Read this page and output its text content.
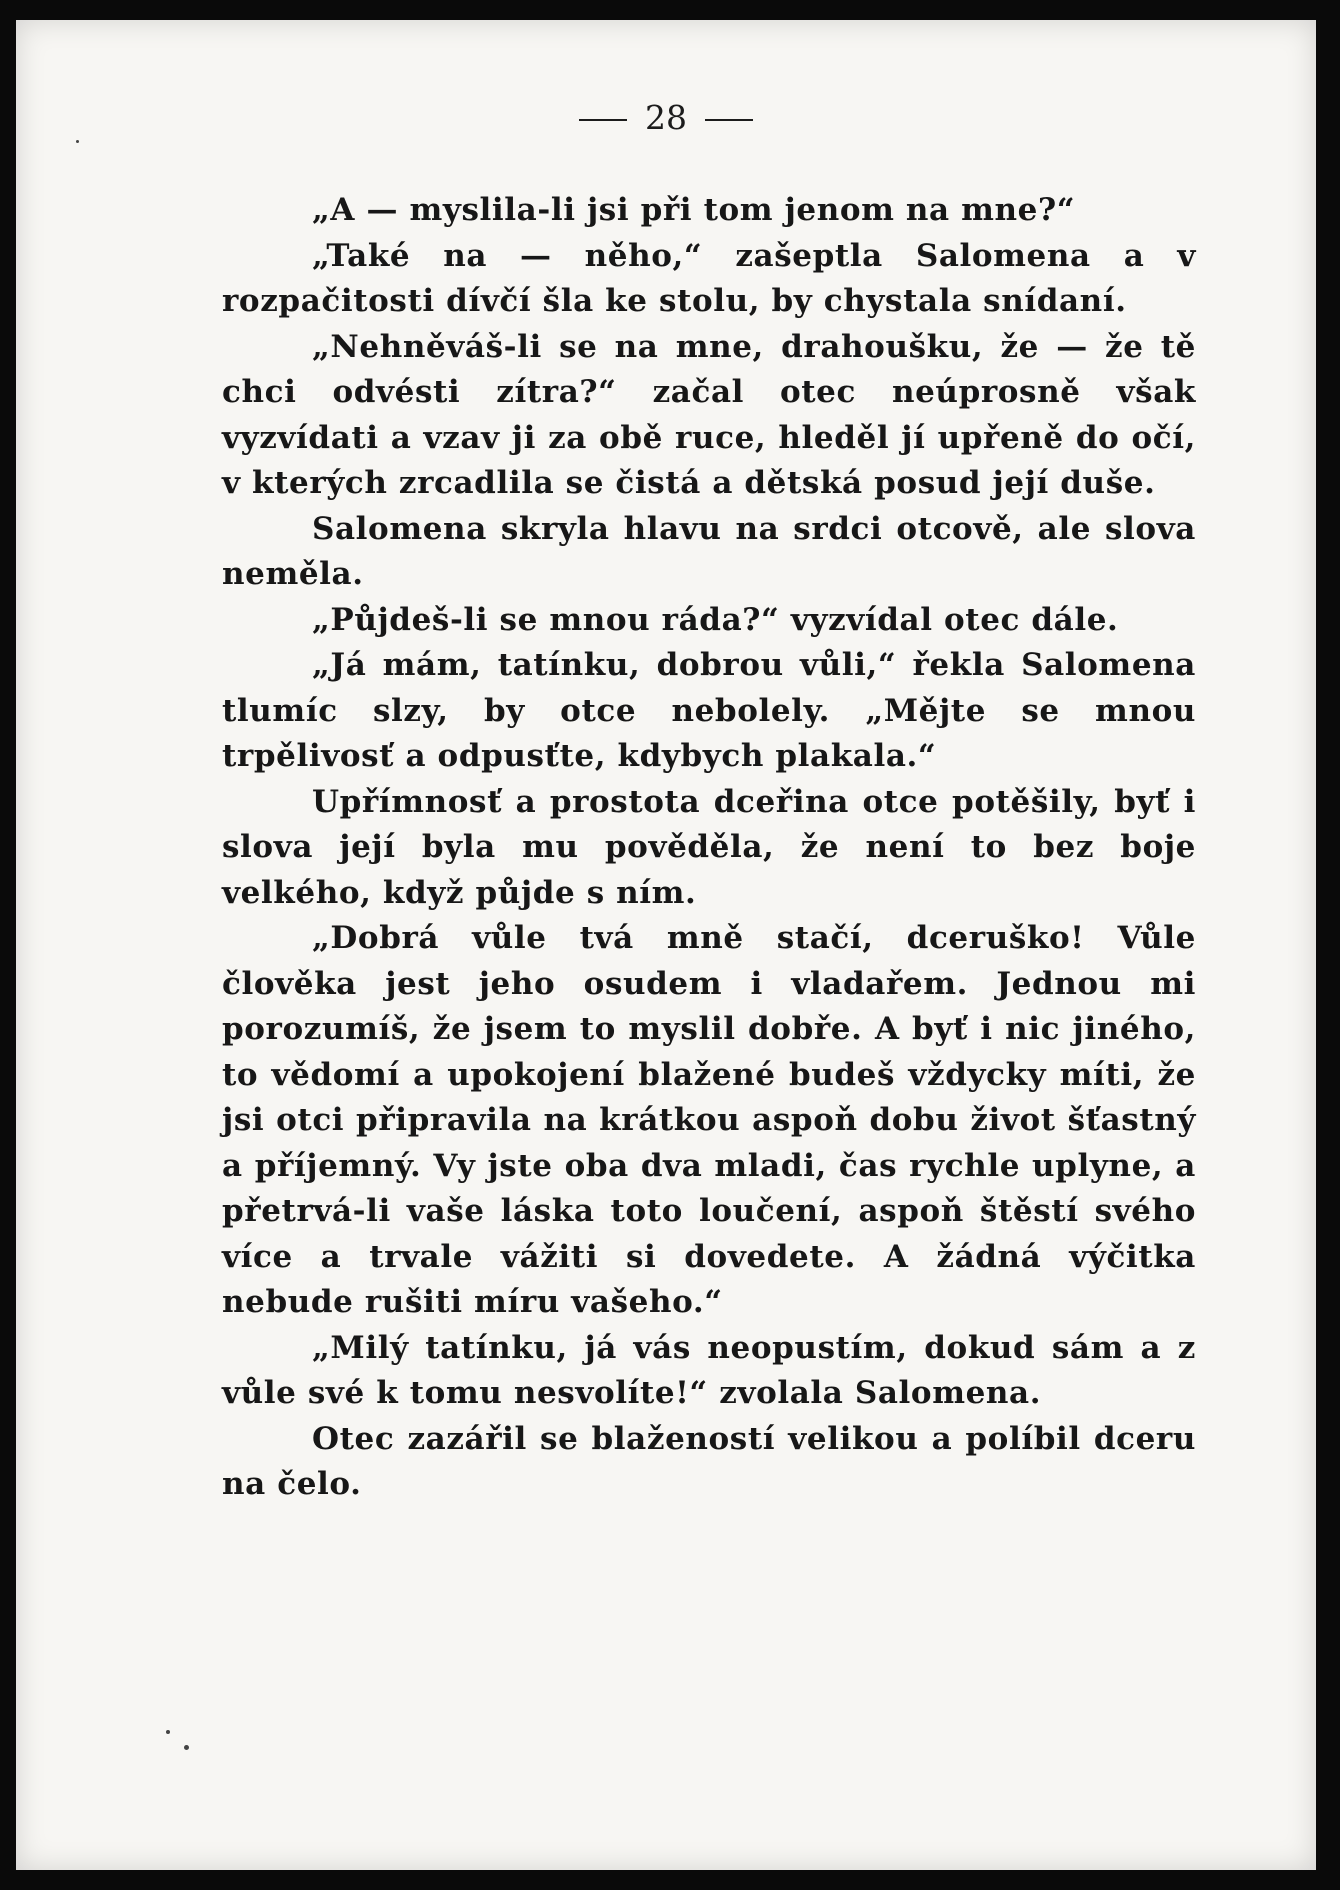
28

„A — myslila-li jsi při tom jenom na mne?“

„Také na — něho,“ zašeptla Salomena a v rozpačitosti dívčí šla ke stolu, by chystala snídaní.

„Nehněváš-li se na mne, drahoušku, že — že tě chci odvésti zítra?“ začal otec neúprosně však vyzvídati a vzav ji za obě ruce, hleděl jí upřeně do očí, v kterých zrcadlila se čistá a dětská posud její duše.

Salomena skryla hlavu na srdci otcově, ale slova neměla.

„Půjdeš-li se mnou ráda?“ vyzvídal otec dále.

„Já mám, tatínku, dobrou vůli,“ řekla Salomena tlumíc slzy, by otce nebolely. „Mějte se mnou trpělivosť a odpusťte, kdybych plakala.“

Upřímnosť a prostota dceřina otce potěšily, byť i slova její byla mu pověděla, že není to bez boje velkého, když půjde s ním.

„Dobrá vůle tvá mně stačí, dceruško! Vůle člověka jest jeho osudem i vladařem. Jednou mi porozumíš, že jsem to myslil dobře. A byť i nic jiného, to vědomí a upokojení blažené budeš vždycky míti, že jsi otci připravila na krátkou aspoň dobu život šťastný a příjemný. Vy jste oba dva mladi, čas rychle uplyne, a přetrvá-li vaše láska toto loučení, aspoň štěstí svého více a trvale vážiti si dovedete. A žádná výčitka nebude rušiti míru vašeho.“

„Milý tatínku, já vás neopustím, dokud sám a z vůle své k tomu nesvolíte!“ zvolala Salomena.

Otec zazářil se blažeností velikou a políbil dceru na čelo.
